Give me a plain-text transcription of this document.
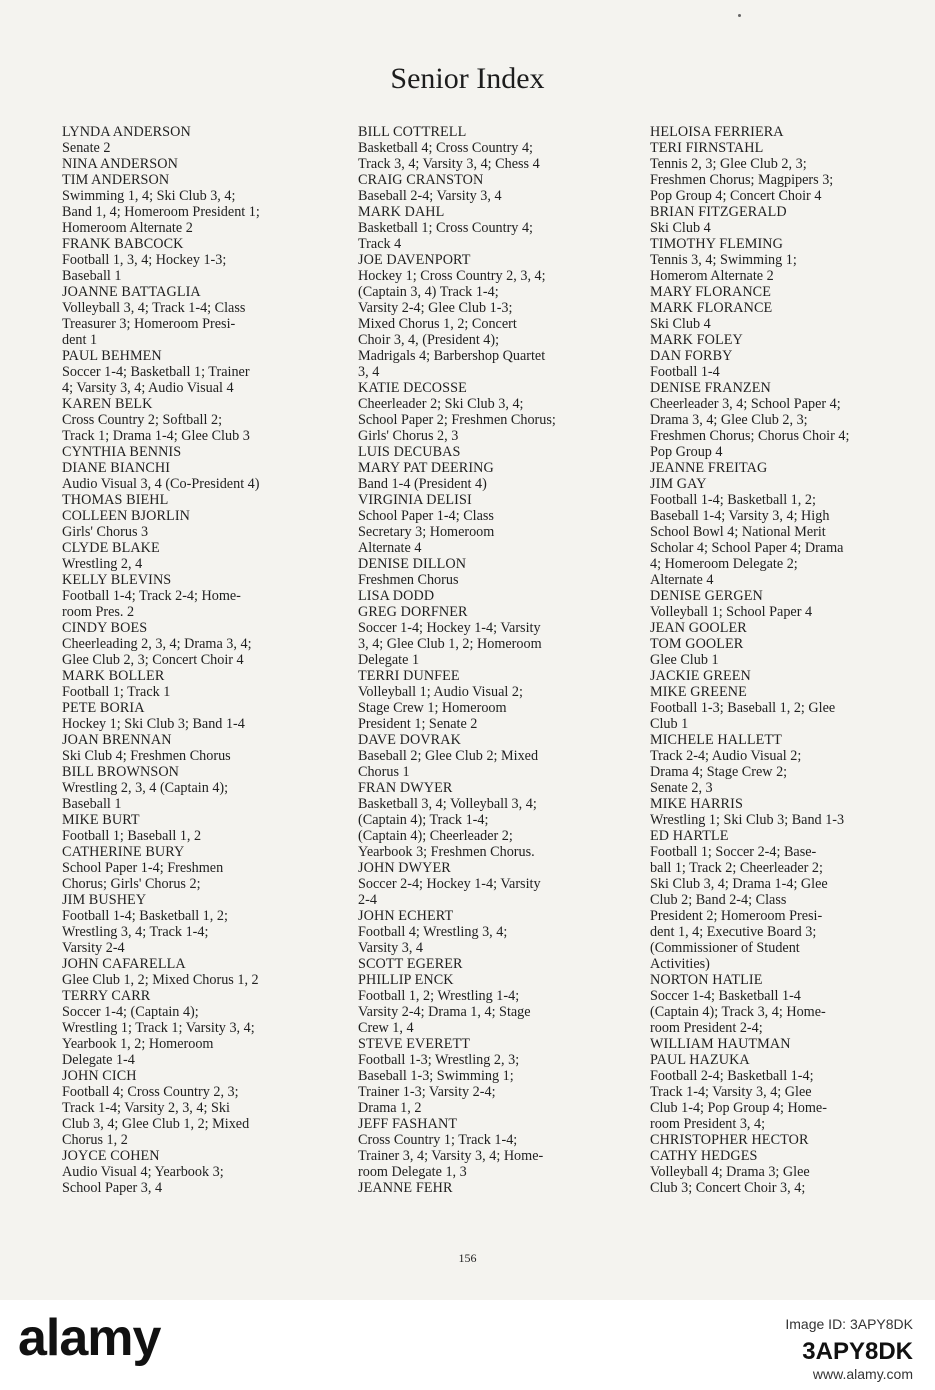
Senior Index
LYNDA ANDERSON
Senate 2
NINA ANDERSON
TIM ANDERSON
Swimming 1, 4; Ski Club 3, 4;
Band 1, 4; Homeroom President 1;
Homeroom Alternate 2
FRANK BABCOCK
Football 1, 3, 4; Hockey 1-3;
Baseball 1
JOANNE BATTAGLIA
Volleyball 3, 4; Track 1-4; Class
Treasurer 3; Homeroom Presi-
dent 1
PAUL BEHMEN
Soccer 1-4; Basketball 1; Trainer
4; Varsity 3, 4; Audio Visual 4
KAREN BELK
Cross Country 2; Softball 2;
Track 1; Drama 1-4; Glee Club 3
CYNTHIA BENNIS
DIANE BIANCHI
Audio Visual 3, 4 (Co-President 4)
THOMAS BIEHL
COLLEEN BJORLIN
Girls' Chorus 3
CLYDE BLAKE
Wrestling 2, 4
KELLY BLEVINS
Football 1-4; Track 2-4; Home-
room Pres. 2
CINDY BOES
Cheerleading 2, 3, 4; Drama 3, 4;
Glee Club 2, 3; Concert Choir 4
MARK BOLLER
Football 1; Track 1
PETE BORIA
Hockey 1; Ski Club 3; Band 1-4
JOAN BRENNAN
Ski Club 4; Freshmen Chorus
BILL BROWNSON
Wrestling 2, 3, 4 (Captain 4);
Baseball 1
MIKE BURT
Football 1; Baseball 1, 2
CATHERINE BURY
School Paper 1-4; Freshmen
Chorus; Girls' Chorus 2;
JIM BUSHEY
Football 1-4; Basketball 1, 2;
Wrestling 3, 4; Track 1-4;
Varsity 2-4
JOHN CAFARELLA
Glee Club 1, 2; Mixed Chorus 1, 2
TERRY CARR
Soccer 1-4; (Captain 4);
Wrestling 1; Track 1; Varsity 3, 4;
Yearbook 1, 2; Homeroom
Delegate 1-4
JOHN CICH
Football 4; Cross Country 2, 3;
Track 1-4; Varsity 2, 3, 4; Ski
Club 3, 4; Glee Club 1, 2; Mixed
Chorus 1, 2
JOYCE COHEN
Audio Visual 4; Yearbook 3;
School Paper 3, 4
BILL COTTRELL
Basketball 4; Cross Country 4;
Track 3, 4; Varsity 3, 4; Chess 4
CRAIG CRANSTON
Baseball 2-4; Varsity 3, 4
MARK DAHL
Basketball 1; Cross Country 4;
Track 4
JOE DAVENPORT
Hockey 1; Cross Country 2, 3, 4;
(Captain 3, 4) Track 1-4;
Varsity 2-4; Glee Club 1-3;
Mixed Chorus 1, 2; Concert
Choir 3, 4, (President 4);
Madrigals 4; Barbershop Quartet
3, 4
KATIE DECOSSE
Cheerleader 2; Ski Club 3, 4;
School Paper 2; Freshmen Chorus;
Girls' Chorus 2, 3
LUIS DECUBAS
MARY PAT DEERING
Band 1-4 (President 4)
VIRGINIA DELISI
School Paper 1-4; Class
Secretary 3; Homeroom
Alternate 4
DENISE DILLON
Freshmen Chorus
LISA DODD
GREG DORFNER
Soccer 1-4; Hockey 1-4; Varsity
3, 4; Glee Club 1, 2; Homeroom
Delegate 1
TERRI DUNFEE
Volleyball 1; Audio Visual 2;
Stage Crew 1; Homeroom
President 1; Senate 2
DAVE DOVRAK
Baseball 2; Glee Club 2; Mixed
Chorus 1
FRAN DWYER
Basketball 3, 4; Volleyball 3, 4;
(Captain 4); Track 1-4;
(Captain 4); Cheerleader 2;
Yearbook 3; Freshmen Chorus.
JOHN DWYER
Soccer 2-4; Hockey 1-4; Varsity
2-4
JOHN ECHERT
Football 4; Wrestling 3, 4;
Varsity 3, 4
SCOTT EGERER
PHILLIP ENCK
Football 1, 2; Wrestling 1-4;
Varsity 2-4; Drama 1, 4; Stage
Crew 1, 4
STEVE EVERETT
Football 1-3; Wrestling 2, 3;
Baseball 1-3; Swimming 1;
Trainer 1-3; Varsity 2-4;
Drama 1, 2
JEFF FASHANT
Cross Country 1; Track 1-4;
Trainer 3, 4; Varsity 3, 4; Home-
room Delegate 1, 3
JEANNE FEHR
HELOISA FERRIERA
TERI FIRNSTAHL
Tennis 2, 3; Glee Club 2, 3;
Freshmen Chorus; Magpipers 3;
Pop Group 4; Concert Choir 4
BRIAN FITZGERALD
Ski Club 4
TIMOTHY FLEMING
Tennis 3, 4; Swimming 1;
Homerom Alternate 2
MARY FLORANCE
MARK FLORANCE
Ski Club 4
MARK FOLEY
DAN FORBY
Football 1-4
DENISE FRANZEN
Cheerleader 3, 4; School Paper 4;
Drama 3, 4; Glee Club 2, 3;
Freshmen Chorus; Chorus Choir 4;
Pop Group 4
JEANNE FREITAG
JIM GAY
Football 1-4; Basketball 1, 2;
Baseball 1-4; Varsity 3, 4; High
School Bowl 4; National Merit
Scholar 4; School Paper 4; Drama
4; Homeroom Delegate 2;
Alternate 4
DENISE GERGEN
Volleyball 1; School Paper 4
JEAN GOOLER
TOM GOOLER
Glee Club 1
JACKIE GREEN
MIKE GREENE
Football 1-3; Baseball 1, 2; Glee
Club 1
MICHELE HALLETT
Track 2-4; Audio Visual 2;
Drama 4; Stage Crew 2;
Senate 2, 3
MIKE HARRIS
Wrestling 1; Ski Club 3; Band 1-3
ED HARTLE
Football 1; Soccer 2-4; Base-
ball 1; Track 2; Cheerleader 2;
Ski Club 3, 4; Drama 1-4; Glee
Club 2; Band 2-4; Class
President 2; Homeroom Presi-
dent 1, 4; Executive Board 3;
(Commissioner of Student
Activities)
NORTON HATLIE
Soccer 1-4; Basketball 1-4
(Captain 4); Track 3, 4; Home-
room President 2-4;
WILLIAM HAUTMAN
PAUL HAZUKA
Football 2-4; Basketball 1-4;
Track 1-4; Varsity 3, 4; Glee
Club 1-4; Pop Group 4; Home-
room President 3, 4;
CHRISTOPHER HECTOR
CATHY HEDGES
Volleyball 4; Drama 3; Glee
Club 3; Concert Choir 3, 4;
156
alamy	Image ID: 3APY8DK
3APY8DK
www.alamy.com
